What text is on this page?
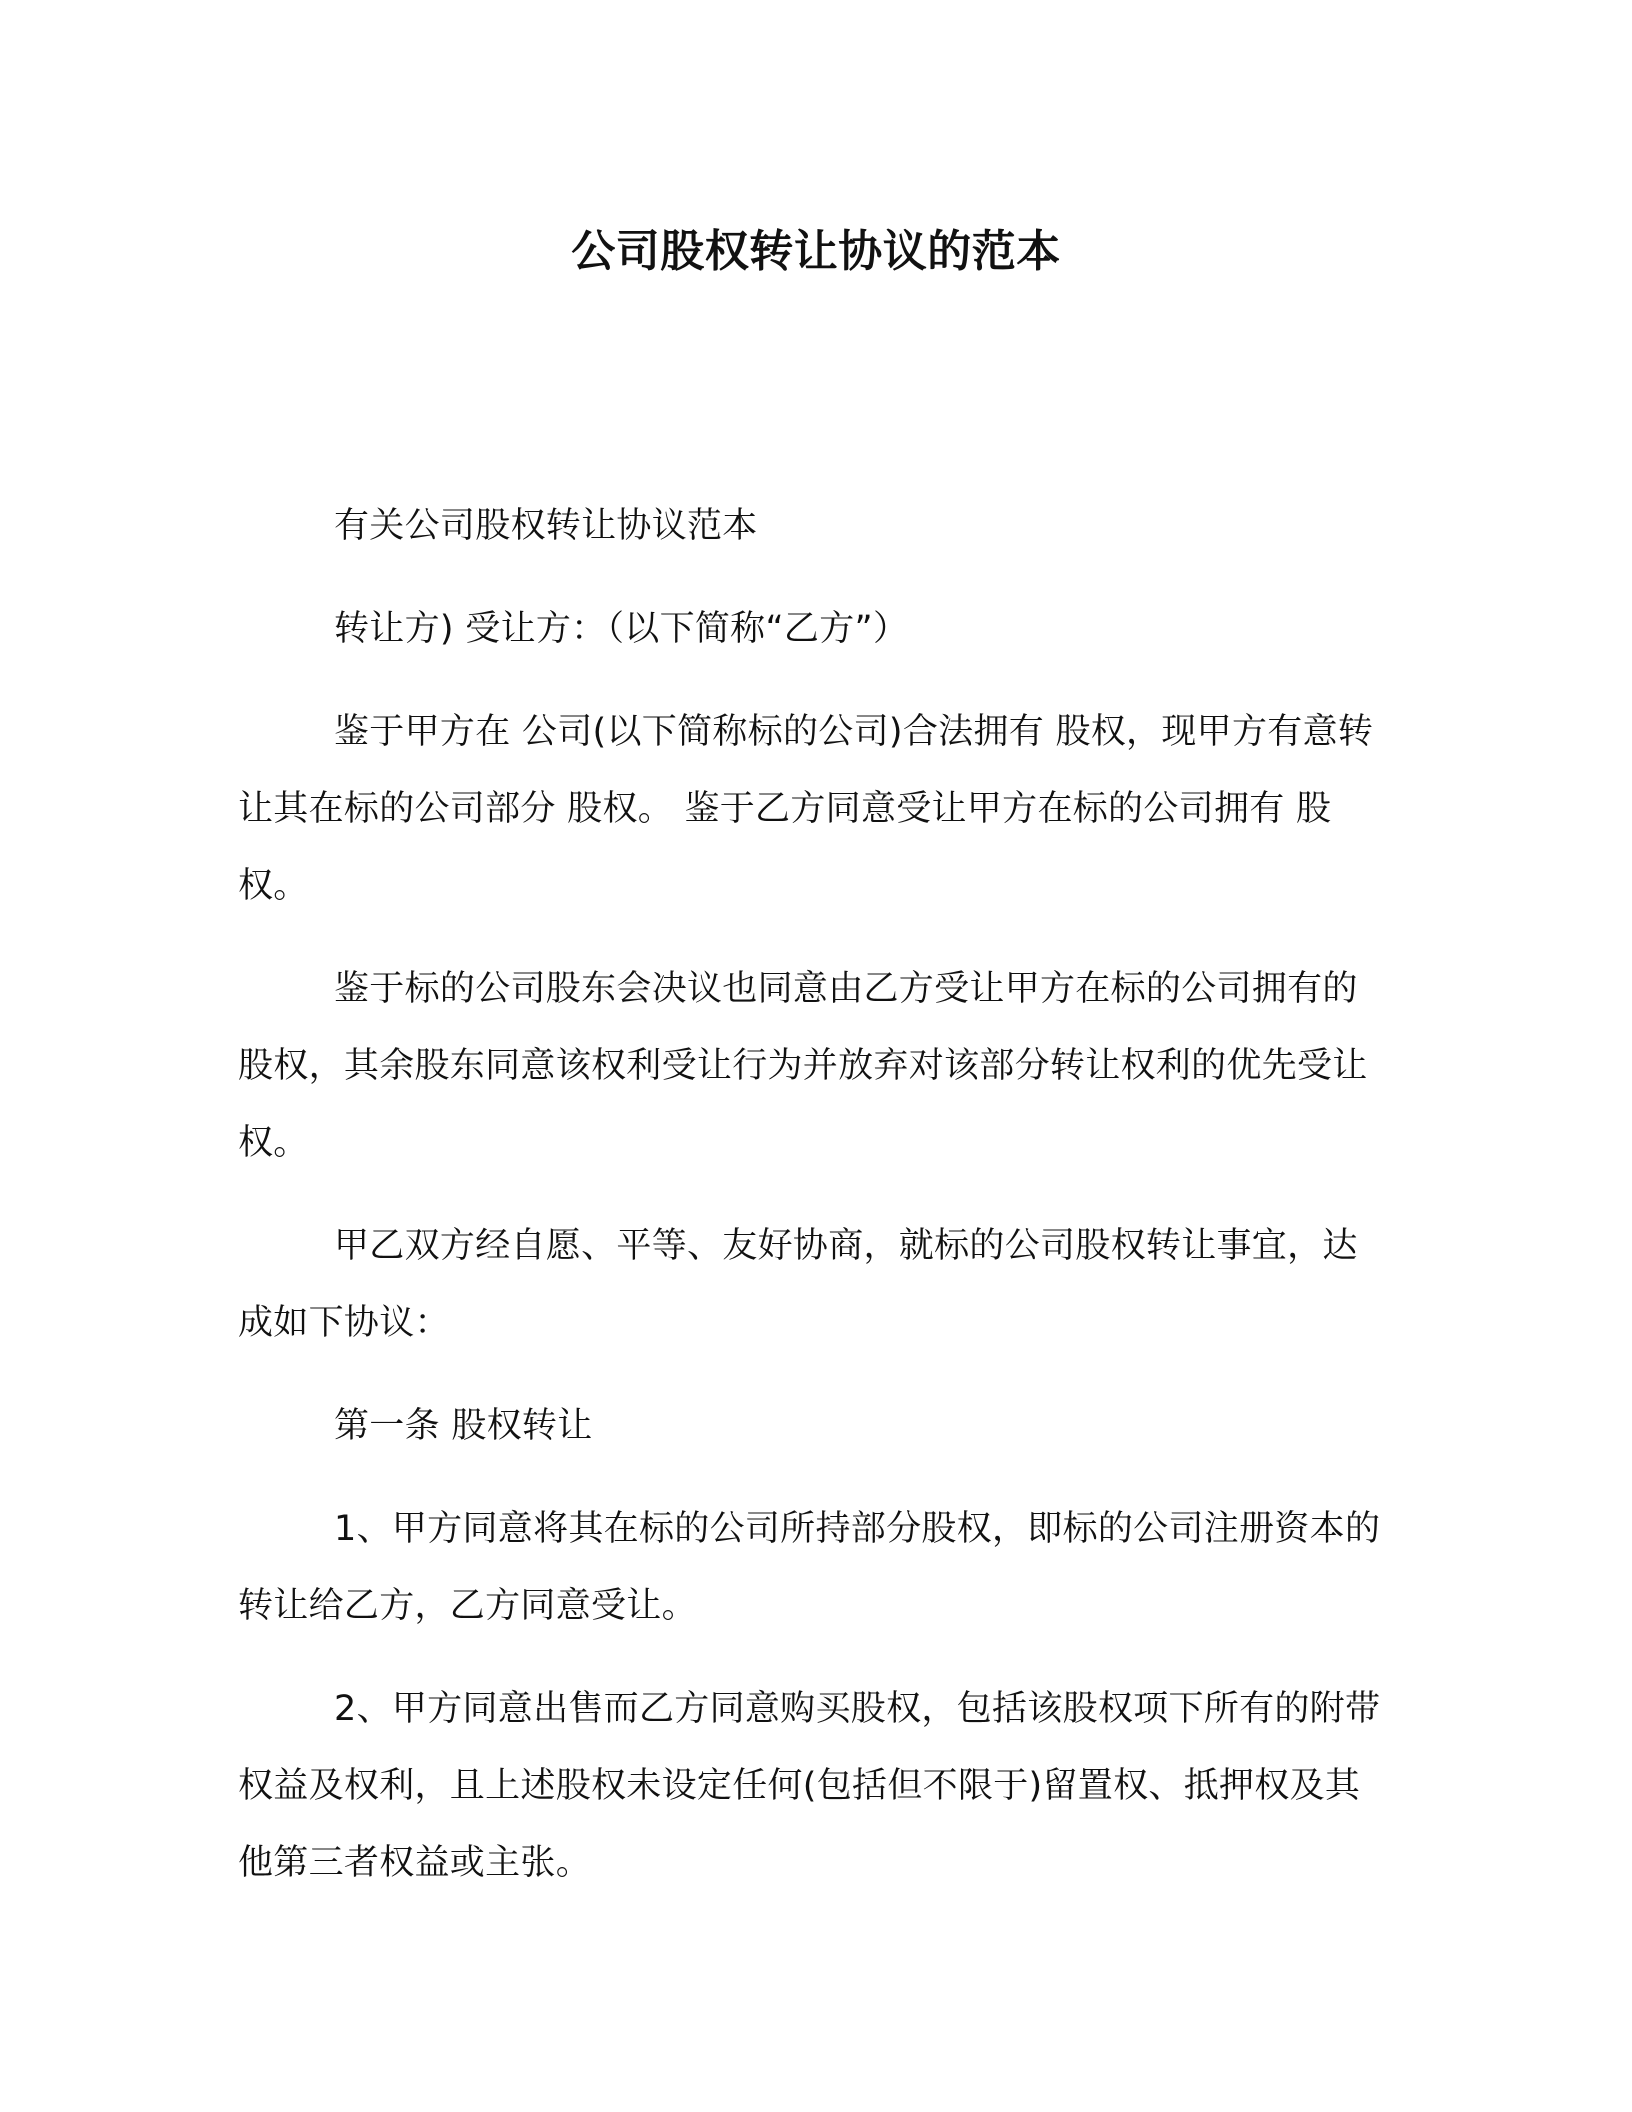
公司股权转让协议的范本

有关公司股权转让协议范本

转让方) 受让方：（以下简称“乙方”）

鉴于甲方在 公司(以下简称标的公司)合法拥有 股权，现甲方有意转让其在标的公司部分 股权。 鉴于乙方同意受让甲方在标的公司拥有 股权。

鉴于标的公司股东会决议也同意由乙方受让甲方在标的公司拥有的 股权，其余股东同意该权利受让行为并放弃对该部分转让权利的优先受让权。

甲乙双方经自愿、平等、友好协商，就标的公司股权转让事宜，达成如下协议：

第一条 股权转让

1、甲方同意将其在标的公司所持部分股权，即标的公司注册资本的 转让给乙方，乙方同意受让。

2、甲方同意出售而乙方同意购买股权，包括该股权项下所有的附带权益及权利，且上述股权未设定任何(包括但不限于)留置权、抵押权及其他第三者权益或主张。
